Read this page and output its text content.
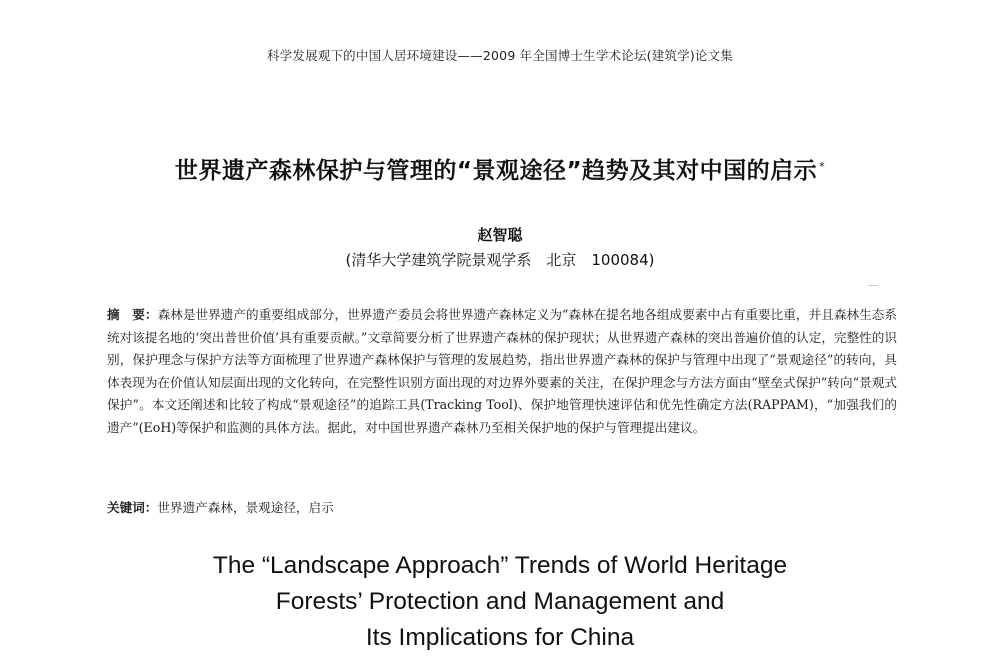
科学发展观下的中国人居环境建设——2009 年全国博士生学术论坛(建筑学)论文集
世界遗产森林保护与管理的“景观途径”趋势及其对中国的启示 *
赵智聪
(清华大学建筑学院景观学系　北京　100084)
摘　要：森林是世界遗产的重要组成部分，世界遗产委员会将世界遗产森林定义为“森林在提名地各组成要素中占有重要比重，并且森林生态系统对该提名地的‘突出普世价值’具有重要贡献。”文章简要分析了世界遗产森林的保护现状；从世界遗产森林的突出普遍价值的认定，完整性的识别，保护理念与保护方法等方面梳理了世界遗产森林保护与管理的发展趋势，指出世界遗产森林的保护与管理中出现了“景观途径”的转向，具体表现为在价值认知层面出现的文化转向，在完整性识别方面出现的对边界外要素的关注，在保护理念与方法方面由“壁垒式保护”转向“景观式保护”。本文还阐述和比较了构成“景观途径”的追踪工具(Tracking Tool)、保护地管理快速评估和优先性确定方法(RAPPAM)，“加强我们的遗产”(EoH)等保护和监测的具体方法。据此，对中国世界遗产森林乃至相关保护地的保护与管理提出建议。
关键词：世界遗产森林，景观途径，启示
The “Landscape Approach” Trends of World Heritage
Forests’ Protection and Management and
Its Implications for China
